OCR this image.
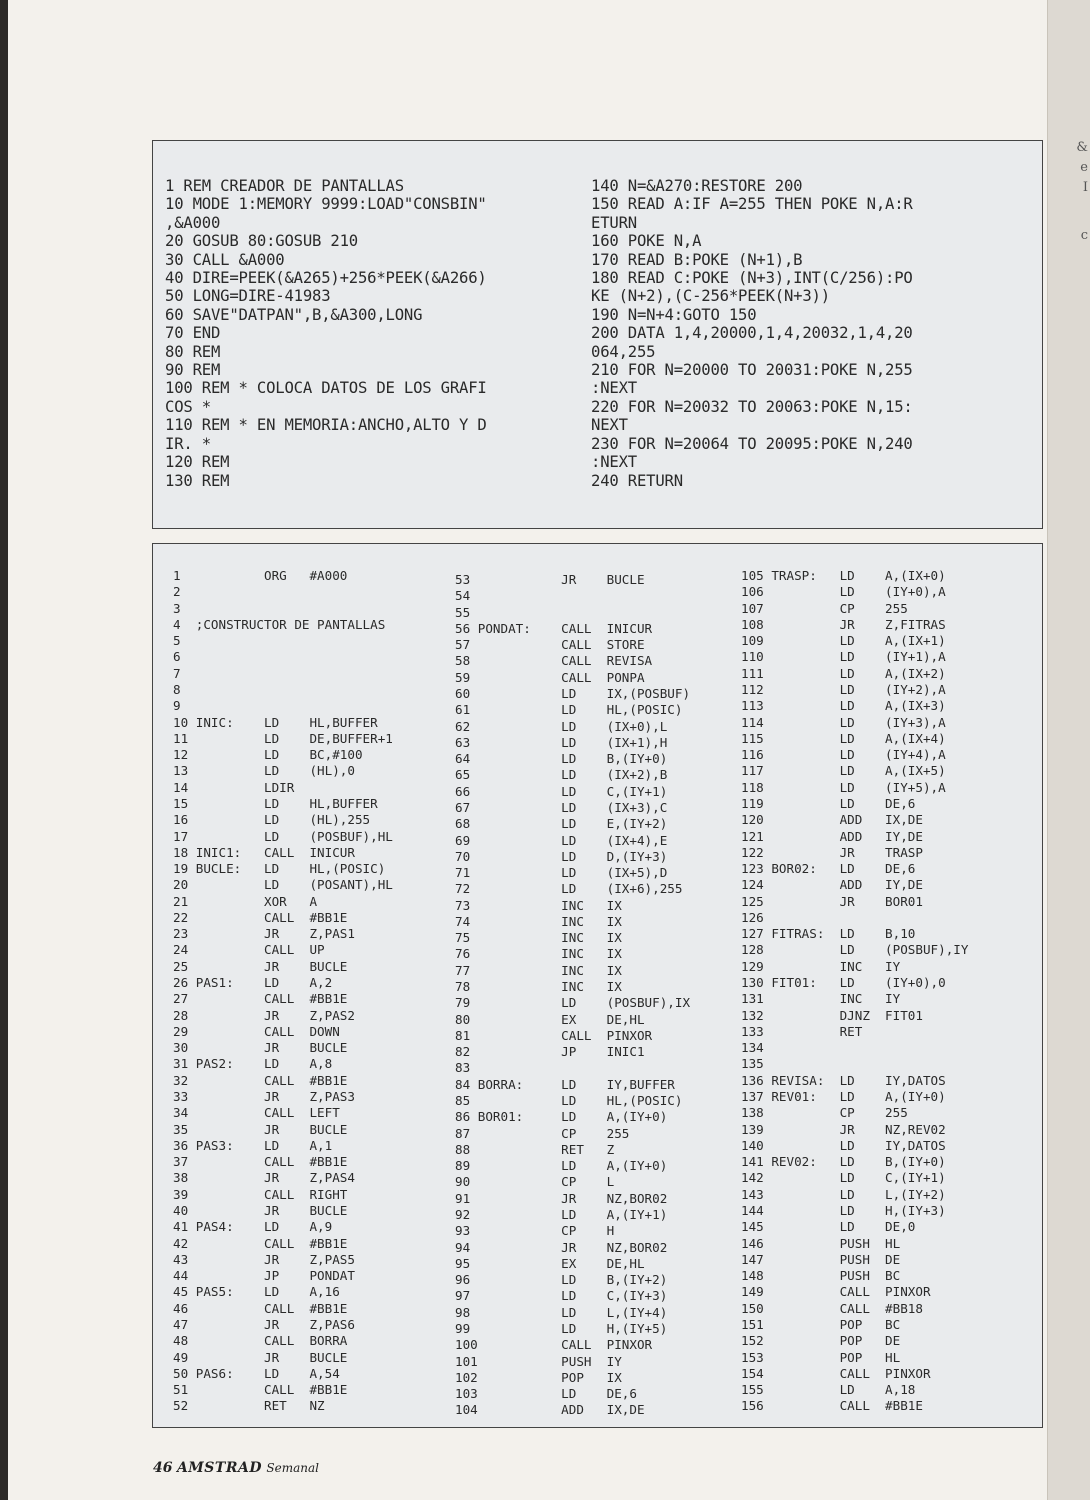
&
e
I
c
1 REM CREADOR DE PANTALLAS
10 MODE 1:MEMORY 9999:LOAD"CONSBIN"
,&A000
20 GOSUB 80:GOSUB 210
30 CALL &A000
40 DIRE=PEEK(&A265)+256*PEEK(&A266)
50 LONG=DIRE-41983
60 SAVE"DATPAN",B,&A300,LONG
70 END
80 REM
90 REM
100 REM * COLOCA DATOS DE LOS GRAFI
COS *
110 REM * EN MEMORIA:ANCHO,ALTO Y D
IR. *
120 REM
130 REM
140 N=&A270:RESTORE 200
150 READ A:IF A=255 THEN POKE N,A:R
ETURN
160 POKE N,A
170 READ B:POKE (N+1),B
180 READ C:POKE (N+3),INT(C/256):PO
KE (N+2),(C-256*PEEK(N+3))
190 N=N+4:GOTO 150
200 DATA 1,4,20000,1,4,20032,1,4,20
064,255
210 FOR N=20000 TO 20031:POKE N,255
:NEXT
220 FOR N=20032 TO 20063:POKE N,15:
NEXT
230 FOR N=20064 TO 20095:POKE N,240
:NEXT
240 RETURN
1           ORG   #A000
2
3
4  ;CONSTRUCTOR DE PANTALLAS
5
6
7
8
9
10 INIC:    LD    HL,BUFFER
11          LD    DE,BUFFER+1
12          LD    BC,#100
13          LD    (HL),0
14          LDIR
15          LD    HL,BUFFER
16          LD    (HL),255
17          LD    (POSBUF),HL
18 INIC1:   CALL  INICUR
19 BUCLE:   LD    HL,(POSIC)
20          LD    (POSANT),HL
21          XOR   A
22          CALL  #BB1E
23          JR    Z,PAS1
24          CALL  UP
25          JR    BUCLE
26 PAS1:    LD    A,2
27          CALL  #BB1E
28          JR    Z,PAS2
29          CALL  DOWN
30          JR    BUCLE
31 PAS2:    LD    A,8
32          CALL  #BB1E
33          JR    Z,PAS3
34          CALL  LEFT
35          JR    BUCLE
36 PAS3:    LD    A,1
37          CALL  #BB1E
38          JR    Z,PAS4
39          CALL  RIGHT
40          JR    BUCLE
41 PAS4:    LD    A,9
42          CALL  #BB1E
43          JR    Z,PAS5
44          JP    PONDAT
45 PAS5:    LD    A,16
46          CALL  #BB1E
47          JR    Z,PAS6
48          CALL  BORRA
49          JR    BUCLE
50 PAS6:    LD    A,54
51          CALL  #BB1E
52          RET   NZ
53            JR    BUCLE
54
55
56 PONDAT:    CALL  INICUR
57            CALL  STORE
58            CALL  REVISA
59            CALL  PONPA
60            LD    IX,(POSBUF)
61            LD    HL,(POSIC)
62            LD    (IX+0),L
63            LD    (IX+1),H
64            LD    B,(IY+0)
65            LD    (IX+2),B
66            LD    C,(IY+1)
67            LD    (IX+3),C
68            LD    E,(IY+2)
69            LD    (IX+4),E
70            LD    D,(IY+3)
71            LD    (IX+5),D
72            LD    (IX+6),255
73            INC   IX
74            INC   IX
75            INC   IX
76            INC   IX
77            INC   IX
78            INC   IX
79            LD    (POSBUF),IX
80            EX    DE,HL
81            CALL  PINXOR
82            JP    INIC1
83
84 BORRA:     LD    IY,BUFFER
85            LD    HL,(POSIC)
86 BOR01:     LD    A,(IY+0)
87            CP    255
88            RET   Z
89            LD    A,(IY+0)
90            CP    L
91            JR    NZ,BOR02
92            LD    A,(IY+1)
93            CP    H
94            JR    NZ,BOR02
95            EX    DE,HL
96            LD    B,(IY+2)
97            LD    C,(IY+3)
98            LD    L,(IY+4)
99            LD    H,(IY+5)
100           CALL  PINXOR
101           PUSH  IY
102           POP   IX
103           LD    DE,6
104           ADD   IX,DE
105 TRASP:   LD    A,(IX+0)
106          LD    (IY+0),A
107          CP    255
108          JR    Z,FITRAS
109          LD    A,(IX+1)
110          LD    (IY+1),A
111          LD    A,(IX+2)
112          LD    (IY+2),A
113          LD    A,(IX+3)
114          LD    (IY+3),A
115          LD    A,(IX+4)
116          LD    (IY+4),A
117          LD    A,(IX+5)
118          LD    (IY+5),A
119          LD    DE,6
120          ADD   IX,DE
121          ADD   IY,DE
122          JR    TRASP
123 BOR02:   LD    DE,6
124          ADD   IY,DE
125          JR    BOR01
126
127 FITRAS:  LD    B,10
128          LD    (POSBUF),IY
129          INC   IY
130 FIT01:   LD    (IY+0),0
131          INC   IY
132          DJNZ  FIT01
133          RET
134
135
136 REVISA:  LD    IY,DATOS
137 REV01:   LD    A,(IY+0)
138          CP    255
139          JR    NZ,REV02
140          LD    IY,DATOS
141 REV02:   LD    B,(IY+0)
142          LD    C,(IY+1)
143          LD    L,(IY+2)
144          LD    H,(IY+3)
145          LD    DE,0
146          PUSH  HL
147          PUSH  DE
148          PUSH  BC
149          CALL  PINXOR
150          CALL  #BB18
151          POP   BC
152          POP   DE
153          POP   HL
154          CALL  PINXOR
155          LD    A,18
156          CALL  #BB1E
46 AMSTRAD Semanal
